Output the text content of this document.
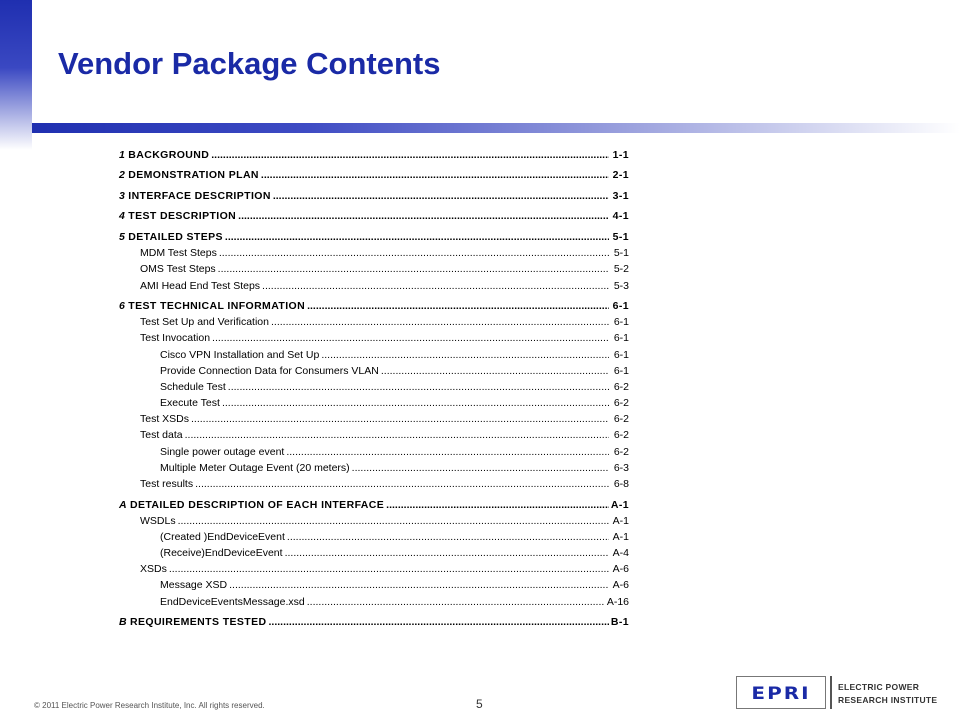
Vendor Package Contents
1 BACKGROUND .....	1-1
2 DEMONSTRATION PLAN .....	2-1
3 INTERFACE DESCRIPTION .....	3-1
4 TEST DESCRIPTION .....	4-1
5 DETAILED STEPS .....	5-1
MDM Test Steps .....	5-1
OMS Test Steps .....	5-2
AMI Head End Test Steps .....	5-3
6 TEST TECHNICAL INFORMATION .....	6-1
Test Set Up and Verification .....	6-1
Test Invocation .....	6-1
Cisco VPN Installation and Set Up .....	6-1
Provide Connection Data for Consumers VLAN .....	6-1
Schedule Test .....	6-2
Execute Test .....	6-2
Test XSDs .....	6-2
Test data .....	6-2
Single power outage event .....	6-2
Multiple Meter Outage Event (20 meters) .....	6-3
Test results .....	6-8
A DETAILED DESCRIPTION OF EACH INTERFACE .....	A-1
WSDLs .....	A-1
(Created )EndDeviceEvent .....	A-1
(Receive)EndDeviceEvent .....	A-4
XSDs .....	A-6
Message XSD .....	A-6
EndDeviceEventsMessage.xsd .....	A-16
B REQUIREMENTS TESTED .....	B-1
© 2011 Electric Power Research Institute, Inc. All rights reserved.	5
EPRI	ELECTRIC POWER
RESEARCH INSTITUTE
